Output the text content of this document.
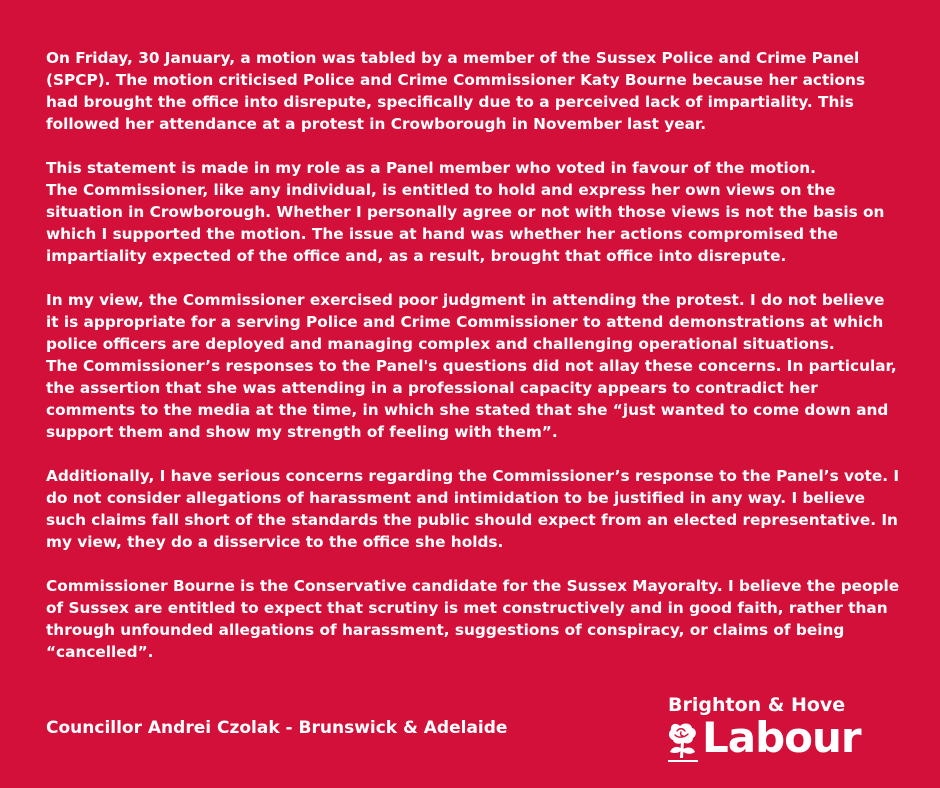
On Friday, 30 January, a motion was tabled by a member of the Sussex Police and Crime Panel (SPCP). The motion criticised Police and Crime Commissioner Katy Bourne because her actions had brought the office into disrepute, specifically due to a perceived lack of impartiality. This followed her attendance at a protest in Crowborough in November last year.

This statement is made in my role as a Panel member who voted in favour of the motion.
The Commissioner, like any individual, is entitled to hold and express her own views on the situation in Crowborough. Whether I personally agree or not with those views is not the basis on which I supported the motion. The issue at hand was whether her actions compromised the impartiality expected of the office and, as a result, brought that office into disrepute.

In my view, the Commissioner exercised poor judgment in attending the protest. I do not believe it is appropriate for a serving Police and Crime Commissioner to attend demonstrations at which police officers are deployed and managing complex and challenging operational situations.
The Commissioner’s responses to the Panel's questions did not allay these concerns. In particular, the assertion that she was attending in a professional capacity appears to contradict her comments to the media at the time, in which she stated that she “just wanted to come down and support them and show my strength of feeling with them”.

Additionally, I have serious concerns regarding the Commissioner’s response to the Panel’s vote. I do not consider allegations of harassment and intimidation to be justified in any way. I believe such claims fall short of the standards the public should expect from an elected representative. In my view, they do a disservice to the office she holds.

Commissioner Bourne is the Conservative candidate for the Sussex Mayoralty. I believe the people of Sussex are entitled to expect that scrutiny is met constructively and in good faith, rather than through unfounded allegations of harassment, suggestions of conspiracy, or claims of being “cancelled”.

Councillor Andrei Czolak - Brunswick & Adelaide
Brighton & Hove
Labour
